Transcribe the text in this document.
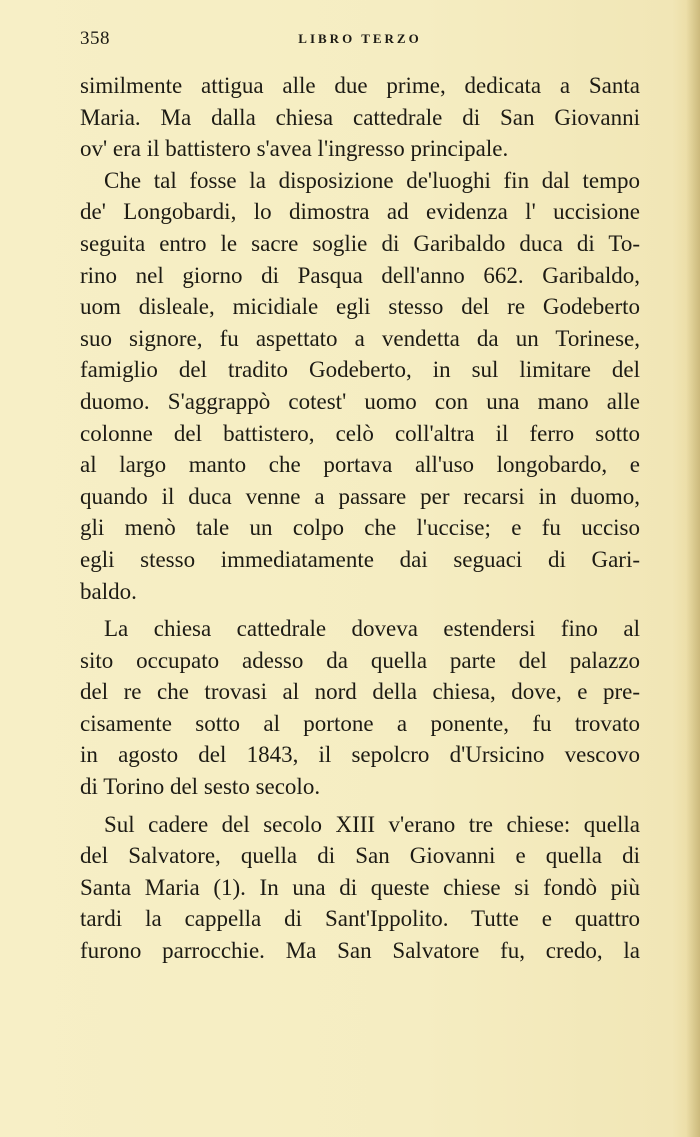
358	LIBRO TERZO
similmente attigua alle due prime, dedicata a Santa
Maria. Ma dalla chiesa cattedrale di San Giovanni
ov' era il battistero s'avea l'ingresso principale.
Che tal fosse la disposizione de'luoghi fin dal tempo
de' Longobardi, lo dimostra ad evidenza l' uccisione
seguita entro le sacre soglie di Garibaldo duca di To-
rino nel giorno di Pasqua dell'anno 662. Garibaldo,
uom disleale, micidiale egli stesso del re Godeberto
suo signore, fu aspettato a vendetta da un Torinese,
famiglio del tradito Godeberto, in sul limitare del
duomo. S'aggrappò cotest' uomo con una mano alle
colonne del battistero, celò coll'altra il ferro sotto
al largo manto che portava all'uso longobardo, e
quando il duca venne a passare per recarsi in duomo,
gli menò tale un colpo che l'uccise; e fu ucciso
egli stesso immediatamente dai seguaci di Gari-
baldo.
La chiesa cattedrale doveva estendersi fino al
sito occupato adesso da quella parte del palazzo
del re che trovasi al nord della chiesa, dove, e pre-
cisamente sotto al portone a ponente, fu trovato
in agosto del 1843, il sepolcro d'Ursicino vescovo
di Torino del sesto secolo.
Sul cadere del secolo XIII v'erano tre chiese: quella
del Salvatore, quella di San Giovanni e quella di
Santa Maria (1). In una di queste chiese si fondò più
tardi la cappella di Sant'Ippolito. Tutte e quattro
furono parrocchie. Ma San Salvatore fu, credo, la
